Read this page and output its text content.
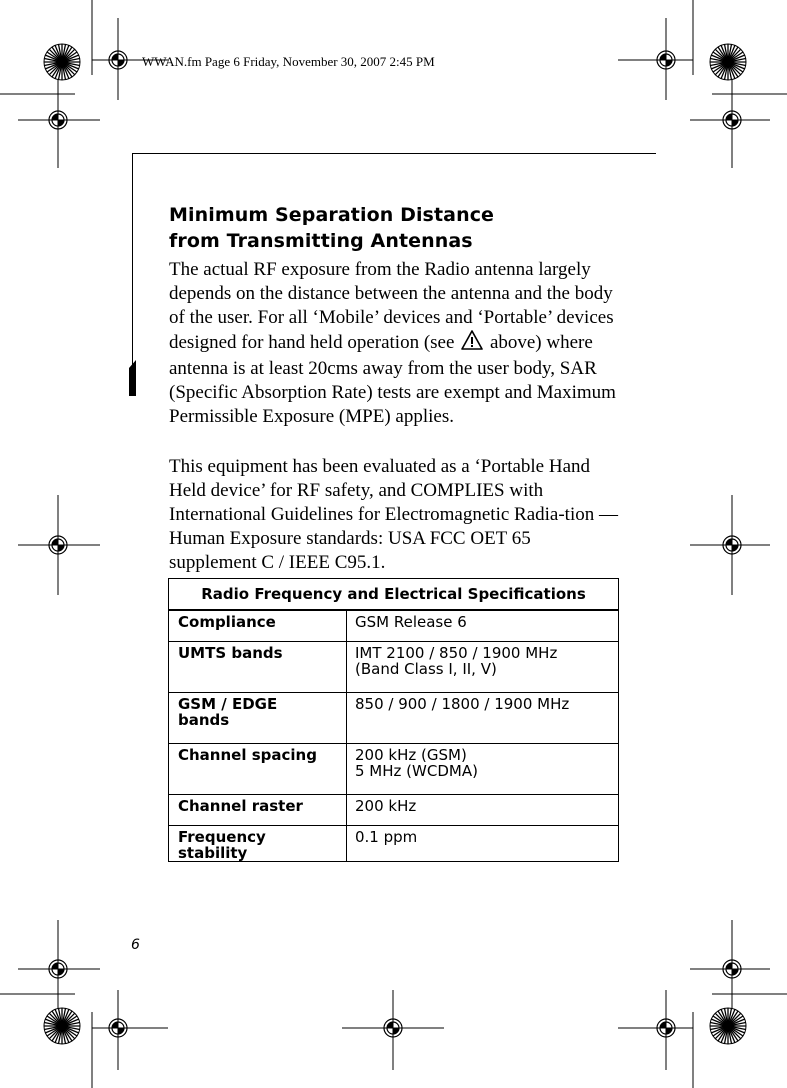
WWAN.fm Page 6 Friday, November 30, 2007 2:45 PM
Minimum Separation Distance
from Transmitting Antennas
The actual RF exposure from the Radio antenna largely depends on the distance between the antenna and the body of the user. For all ‘Mobile’ devices and ‘Portable’ devices designed for hand held operation (see above) where antenna is at least 20cms away from the user body, SAR (Specific Absorption Rate) tests are exempt and Maximum Permissible Exposure (MPE) applies.
This equipment has been evaluated as a ‘Portable Hand Held device’ for RF safety, and COMPLIES with International Guidelines for Electromagnetic Radia-tion — Human Exposure standards: USA FCC OET 65 supplement C / IEEE C95.1.
Radio Frequency and Electrical Specifications	
Compliance	GSM Release 6
UMTS bands	IMT 2100 / 850 / 1900 MHz
(Band Class I, II, V)

GSM / EDGE
bands	850 / 900 / 1800 / 1900 MHz
Channel spacing	200 kHz (GSM)
5 MHz (WCDMA)

Channel raster	200 kHz
Frequency stability	0.1 ppm
6
